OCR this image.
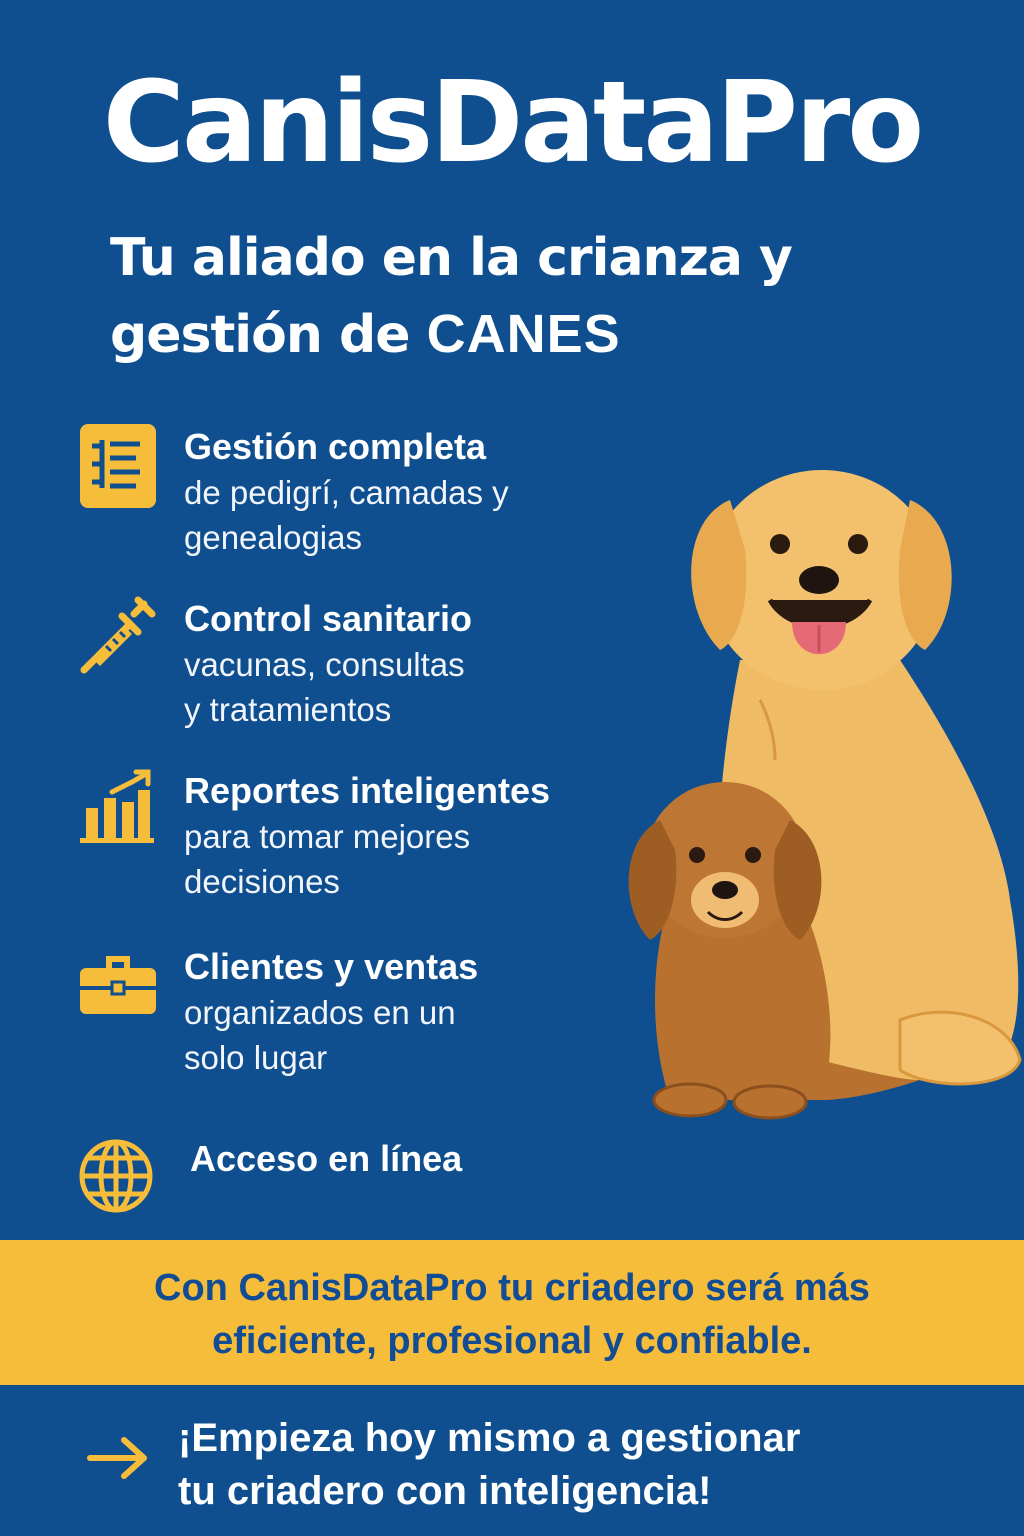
CanisDataPro
Tu aliado en la crianza y
gestión de CANES
Gestión completa
de pedigrí, camadas y
genealogias
Control sanitario
vacunas, consultas
y tratamientos
Reportes inteligentes
para tomar mejores
decisiones
Clientes y ventas
organizados en un
solo lugar
Acceso en línea
Con CanisDataPro tu criadero será más
eficiente, profesional y confiable.
¡Empieza hoy mismo a gestionar
tu criadero con inteligencia!
